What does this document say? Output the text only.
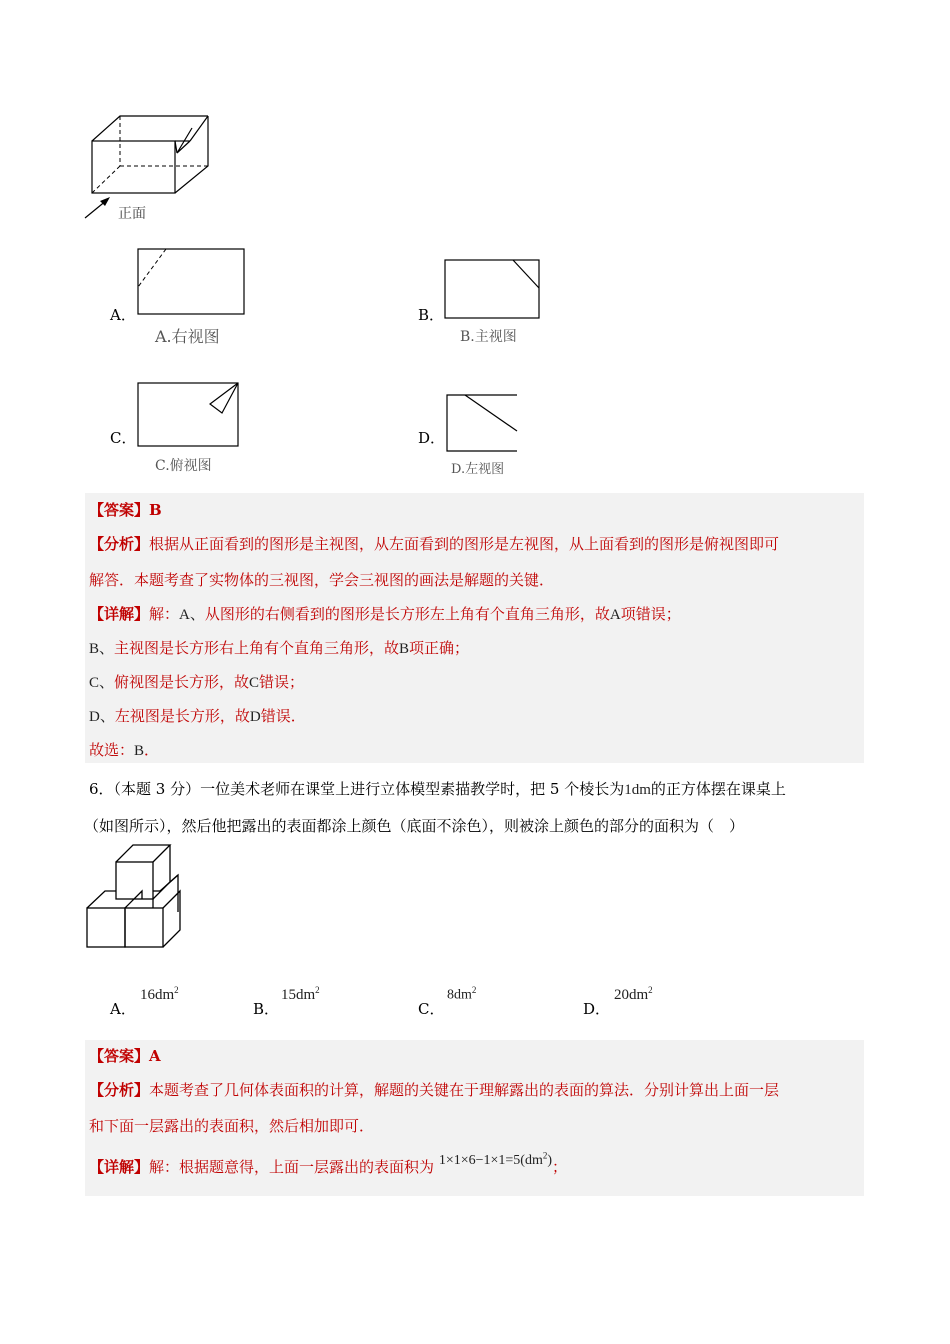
正面
A．
A.右视图
B．
B.主视图
C．
C.俯视图
D．
D.左视图
【答案】B
【分析】根据从正面看到的图形是主视图，从左面看到的图形是左视图，从上面看到的图形是俯视图即可
解答．本题考查了实物体的三视图，学会三视图的画法是解题的关键．
【详解】解：A、从图形的右侧看到的图形是长方形左上角有个直角三角形，故A项错误；
B、主视图是长方形右上角有个直角三角形，故B项正确；
C、俯视图是长方形，故C错误；
D、左视图是长方形，故D错误．
故选：B．
6．（本题 3 分）一位美术老师在课堂上进行立体模型素描教学时，把 5 个棱长为1dm的正方体摆在课桌上
（如图所示），然后他把露出的表面都涂上颜色（底面不涂色），则被涂上颜色的部分的面积为（　）
A．
$16dm^2$
B．
$15dm^2$
C．
$8dm^2$
D．
$20dm^2$
【答案】A
【分析】本题考查了几何体表面积的计算，解题的关键在于理解露出的表面的算法．分别计算出上面一层
和下面一层露出的表面积，然后相加即可．
【详解】解：根据题意得，上面一层露出的表面积为 $1\times 1\times 6-1\times 1=5(dm^2)$；
